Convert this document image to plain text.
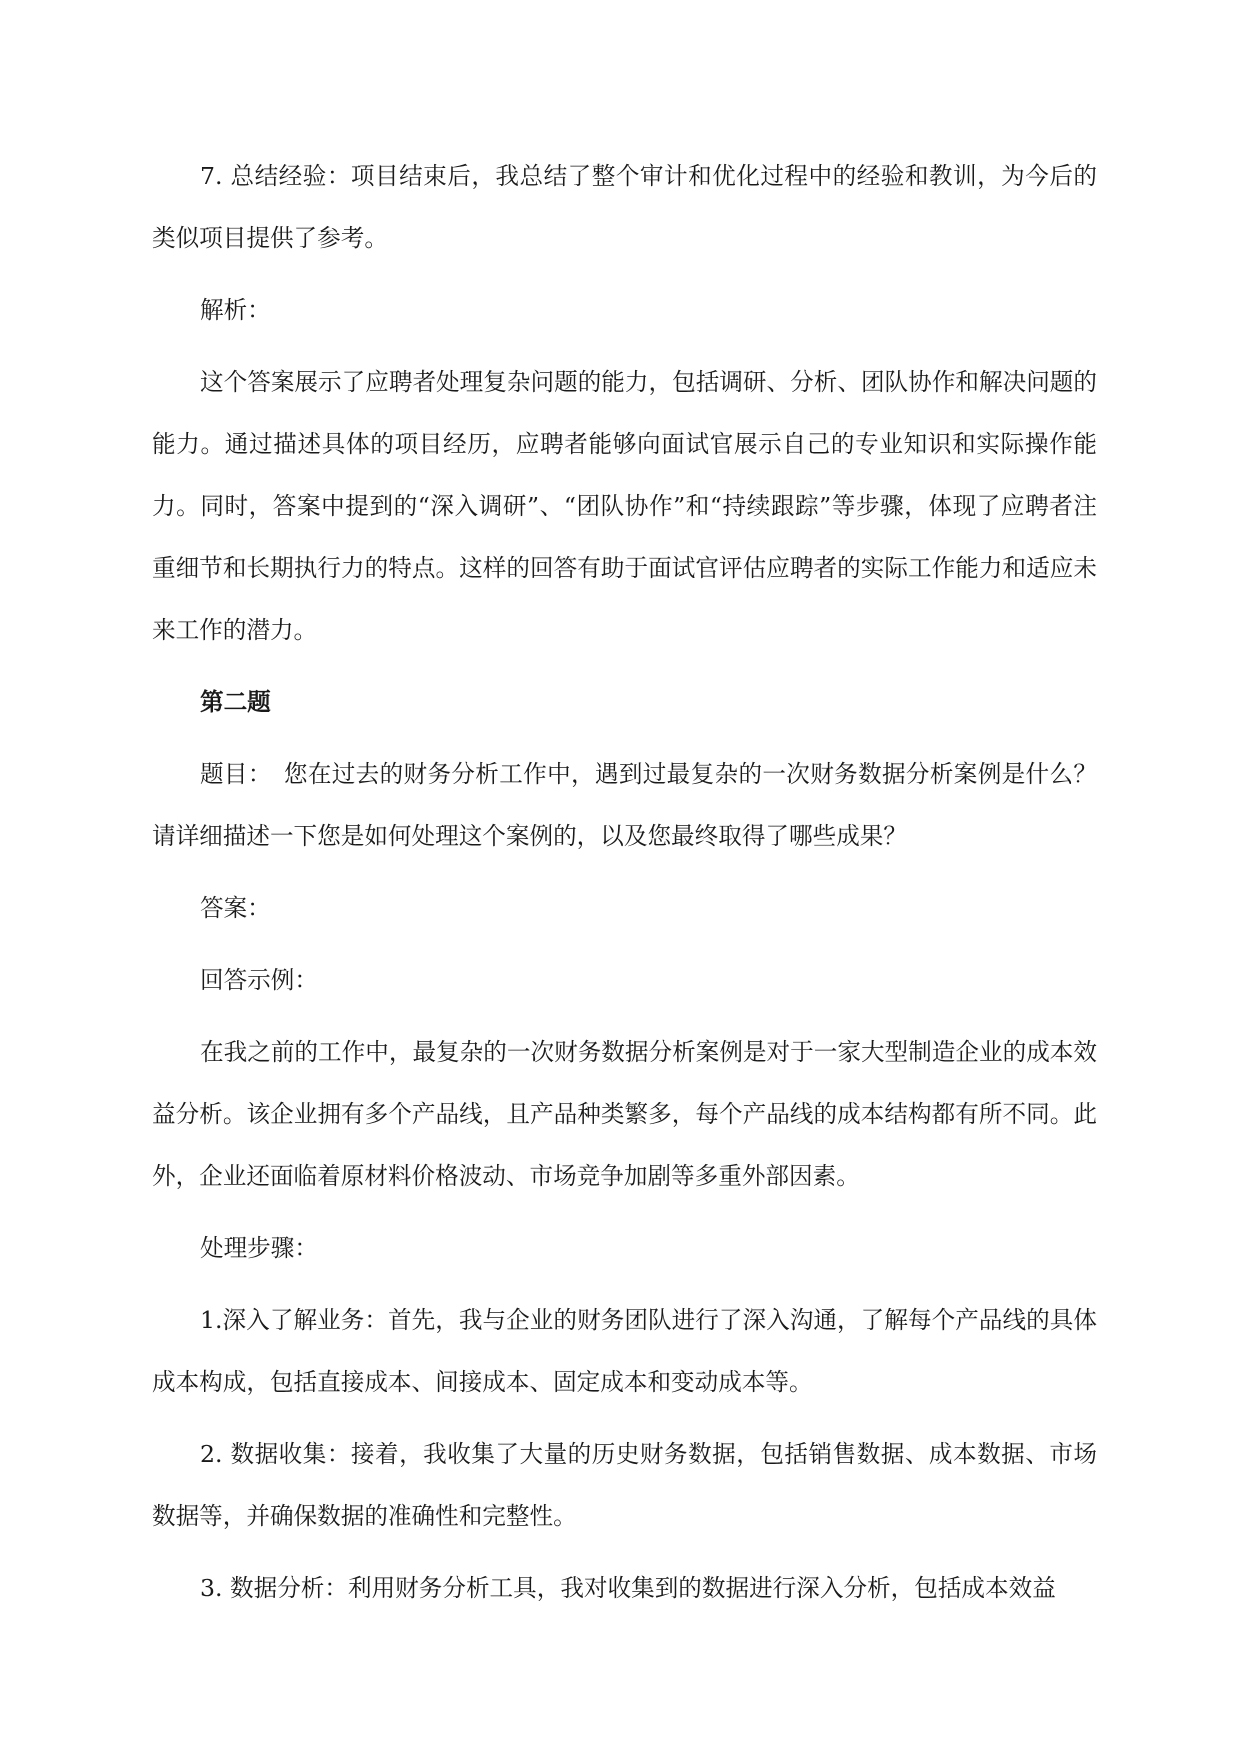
7. 总结经验：项目结束后，我总结了整个审计和优化过程中的经验和教训，为今后的类似项目提供了参考。

解析：

这个答案展示了应聘者处理复杂问题的能力，包括调研、分析、团队协作和解决问题的能力。通过描述具体的项目经历，应聘者能够向面试官展示自己的专业知识和实际操作能力。同时，答案中提到的“深入调研”、“团队协作”和“持续跟踪”等步骤，体现了应聘者注重细节和长期执行力的特点。这样的回答有助于面试官评估应聘者的实际工作能力和适应未来工作的潜力。

第二题

题目：　您在过去的财务分析工作中，遇到过最复杂的一次财务数据分析案例是什么？请详细描述一下您是如何处理这个案例的，以及您最终取得了哪些成果？

答案：

回答示例：

在我之前的工作中，最复杂的一次财务数据分析案例是对于一家大型制造企业的成本效益分析。该企业拥有多个产品线，且产品种类繁多，每个产品线的成本结构都有所不同。此外，企业还面临着原材料价格波动、市场竞争加剧等多重外部因素。

处理步骤：

1.深入了解业务：首先，我与企业的财务团队进行了深入沟通，了解每个产品线的具体成本构成，包括直接成本、间接成本、固定成本和变动成本等。

2. 数据收集：接着，我收集了大量的历史财务数据，包括销售数据、成本数据、市场数据等，并确保数据的准确性和完整性。

3. 数据分析：利用财务分析工具，我对收集到的数据进行深入分析，包括成本效益
